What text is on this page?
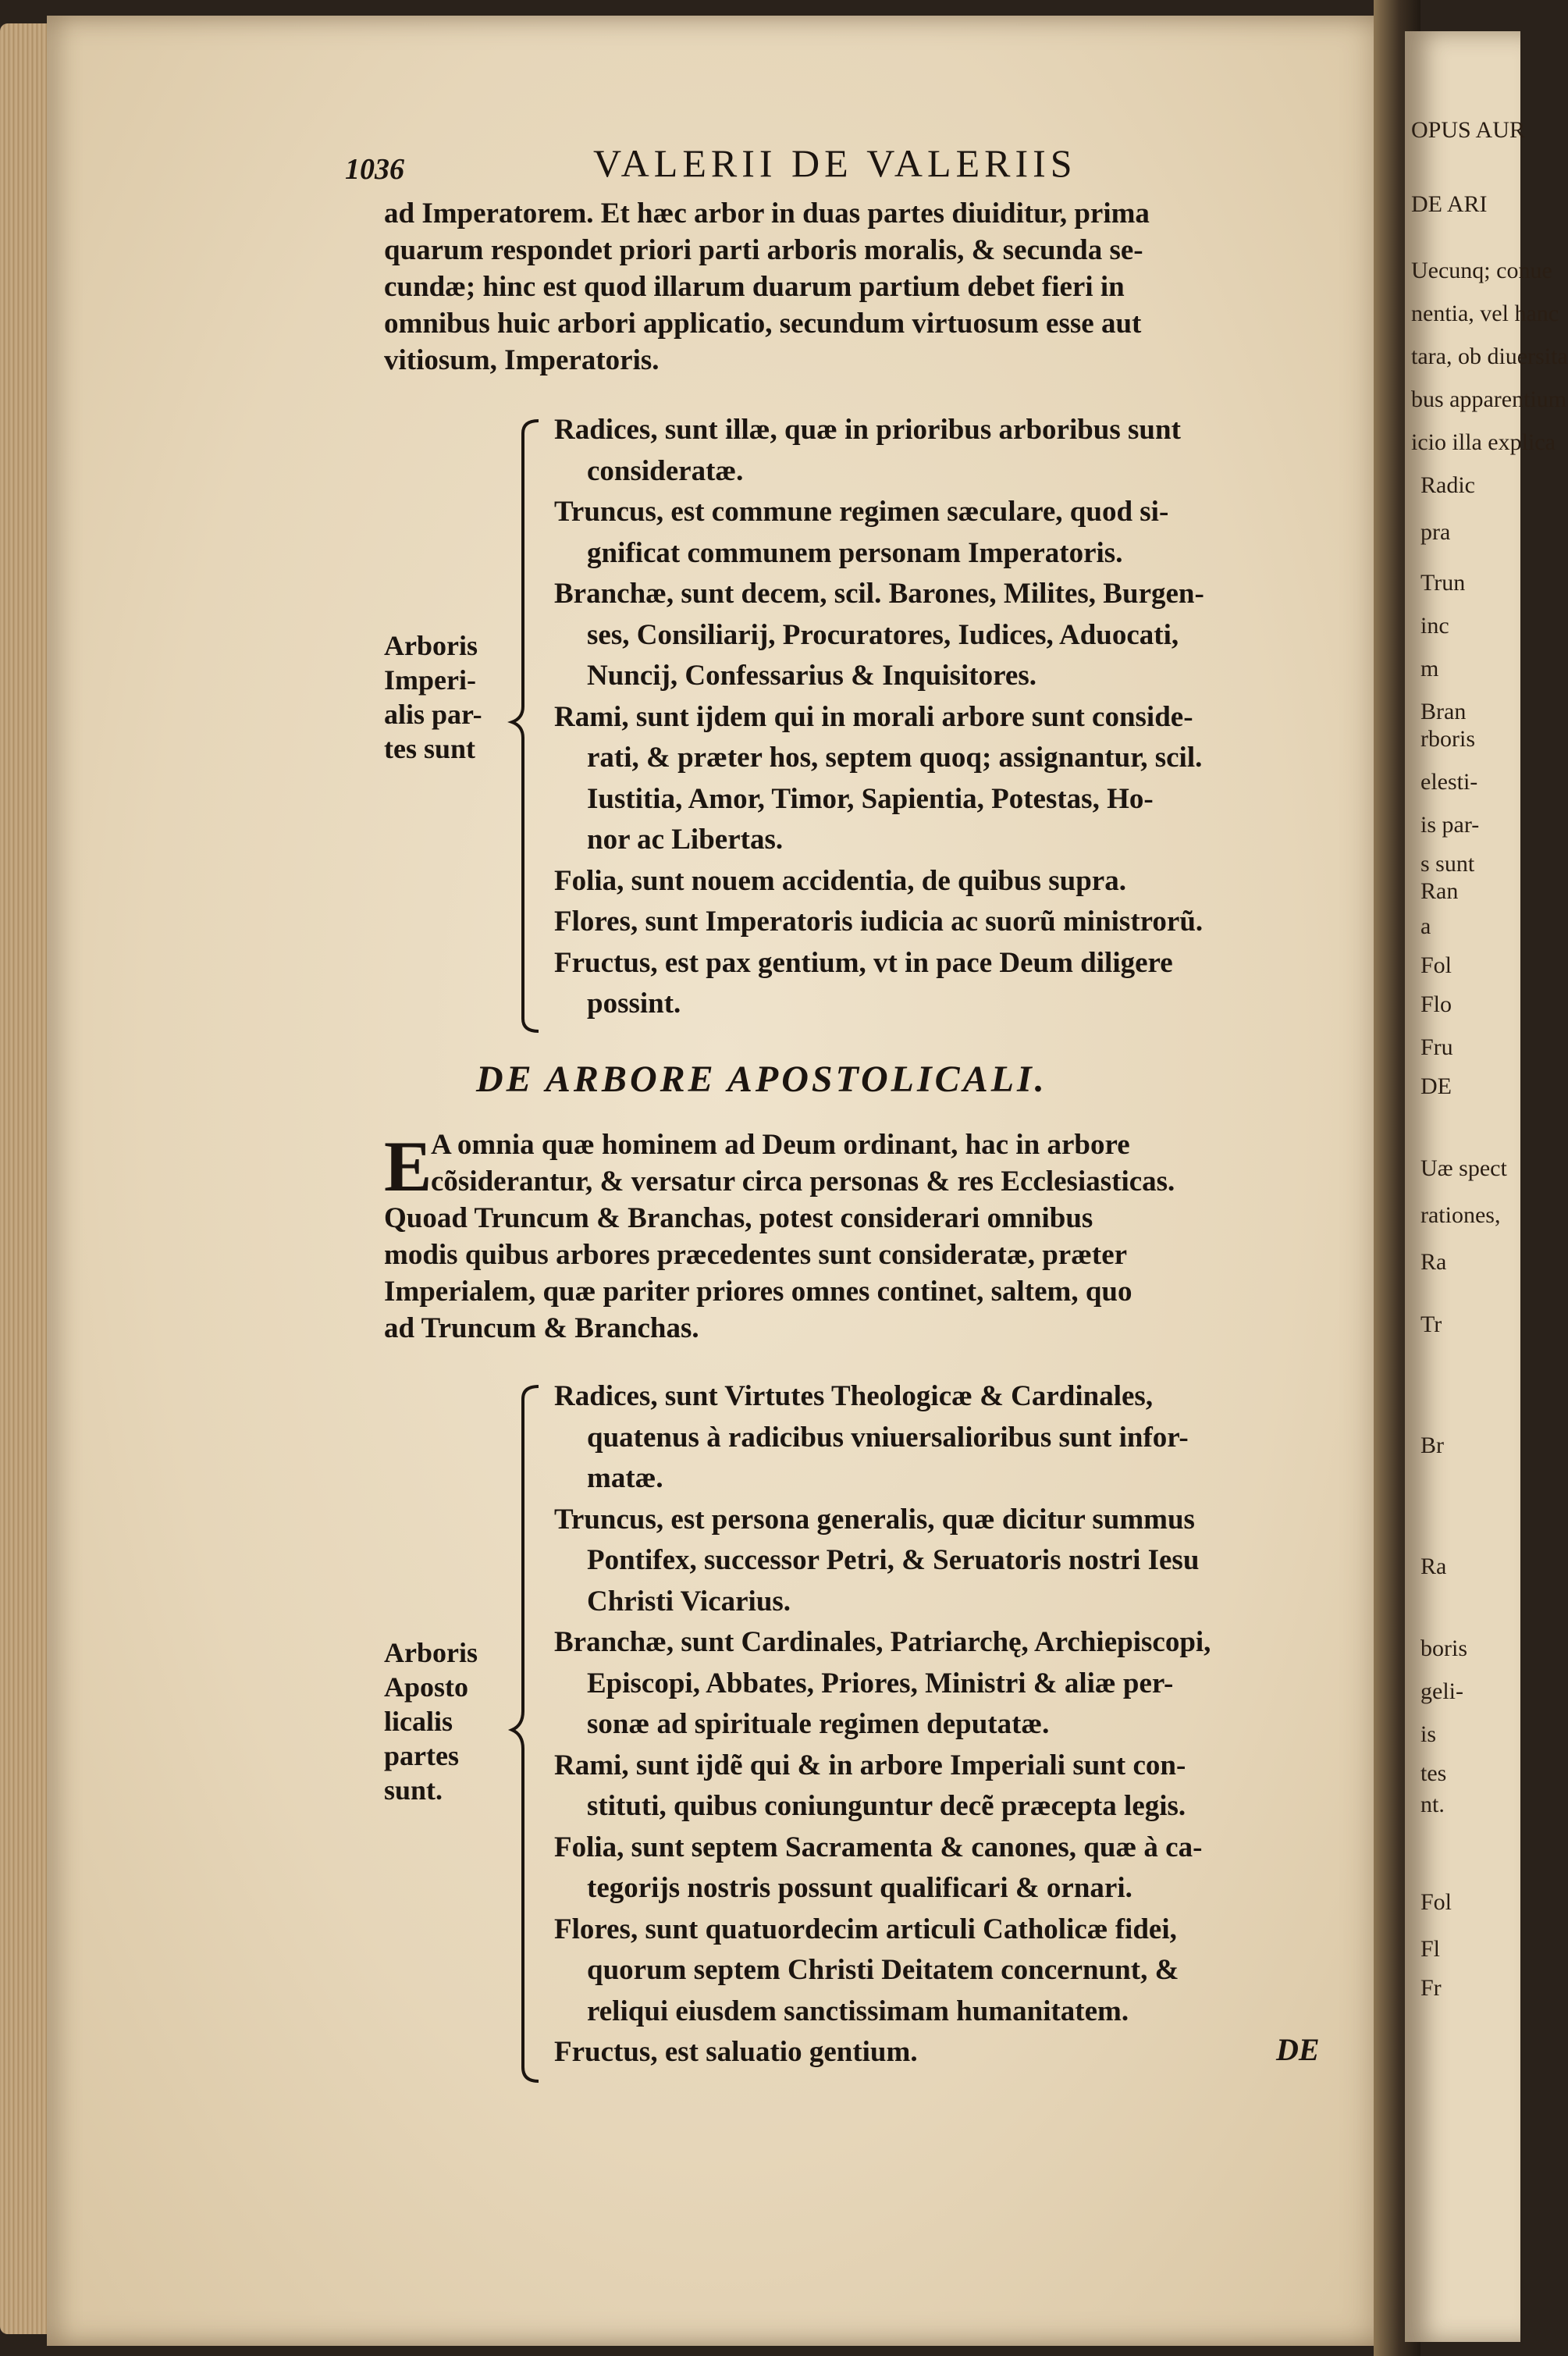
OPUS AUR
DE ARI
Uecunq; conue
nentia, vel hanc
tara, ob diuersita
bus apparentium
icio illa explica
Radic
pra
Trun
inc
m
Bran
rboris
elesti-
is par-
s sunt
Ran
a
Fol
Flo
Fru
DE
Uæ spect
rationes,
Ra
Tr
Br
Ra
boris
geli-
is
tes
nt.
Fol
Fl
Fr
1036	VALERII DE VALERIIS
ad Imperatorem. Et hæc arbor in duas partes diuiditur, prima
quarum respondet priori parti arboris moralis, & secunda se-
cundæ; hinc est quod illarum duarum partium debet fieri in
omnibus huic arbori applicatio, secundum virtuosum esse aut
vitiosum, Imperatoris.
Arboris
Imperi-
alis par-
tes sunt
Radices, sunt illæ, quæ in prioribus arboribus sunt
consideratæ.
Truncus, est commune regimen sæculare, quod si-
gnificat communem personam Imperatoris.
Branchæ, sunt decem, scil. Barones, Milites, Burgen-
ses, Consiliarij, Procuratores, Iudices, Aduocati,
Nuncij, Confessarius & Inquisitores.
Rami, sunt ijdem qui in morali arbore sunt conside-
rati, & præter hos, septem quoq; assignantur, scil.
Iustitia, Amor, Timor, Sapientia, Potestas, Ho-
nor ac Libertas.
Folia, sunt nouem accidentia, de quibus supra.
Flores, sunt Imperatoris iudicia ac suorũ ministrorũ.
Fructus, est pax gentium, vt in pace Deum diligere
possint.
DE ARBORE APOSTOLICALI.
E
A omnia quæ hominem ad Deum ordinant, hac in arbore
cõsiderantur, & versatur circa personas & res Ecclesiasticas.
Quoad Truncum & Branchas, potest considerari omnibus
modis quibus arbores præcedentes sunt consideratæ, præter
Imperialem, quæ pariter priores omnes continet, saltem, quo
ad Truncum & Branchas.
Arboris
Aposto
licalis
partes
sunt.
Radices, sunt Virtutes Theologicæ & Cardinales,
quatenus à radicibus vniuersalioribus sunt infor-
matæ.
Truncus, est persona generalis, quæ dicitur summus
Pontifex, successor Petri, & Seruatoris nostri Iesu
Christi Vicarius.
Branchæ, sunt Cardinales, Patriarchę, Archiepiscopi,
Episcopi, Abbates, Priores, Ministri & aliæ per-
sonæ ad spirituale regimen deputatæ.
Rami, sunt ijdẽ qui & in arbore Imperiali sunt con-
stituti, quibus coniunguntur decẽ præcepta legis.
Folia, sunt septem Sacramenta & canones, quæ à ca-
tegorijs nostris possunt qualificari & ornari.
Flores, sunt quatuordecim articuli Catholicæ fidei,
quorum septem Christi Deitatem concernunt, &
reliqui eiusdem sanctissimam humanitatem.
Fructus, est saluatio gentium.	DE
